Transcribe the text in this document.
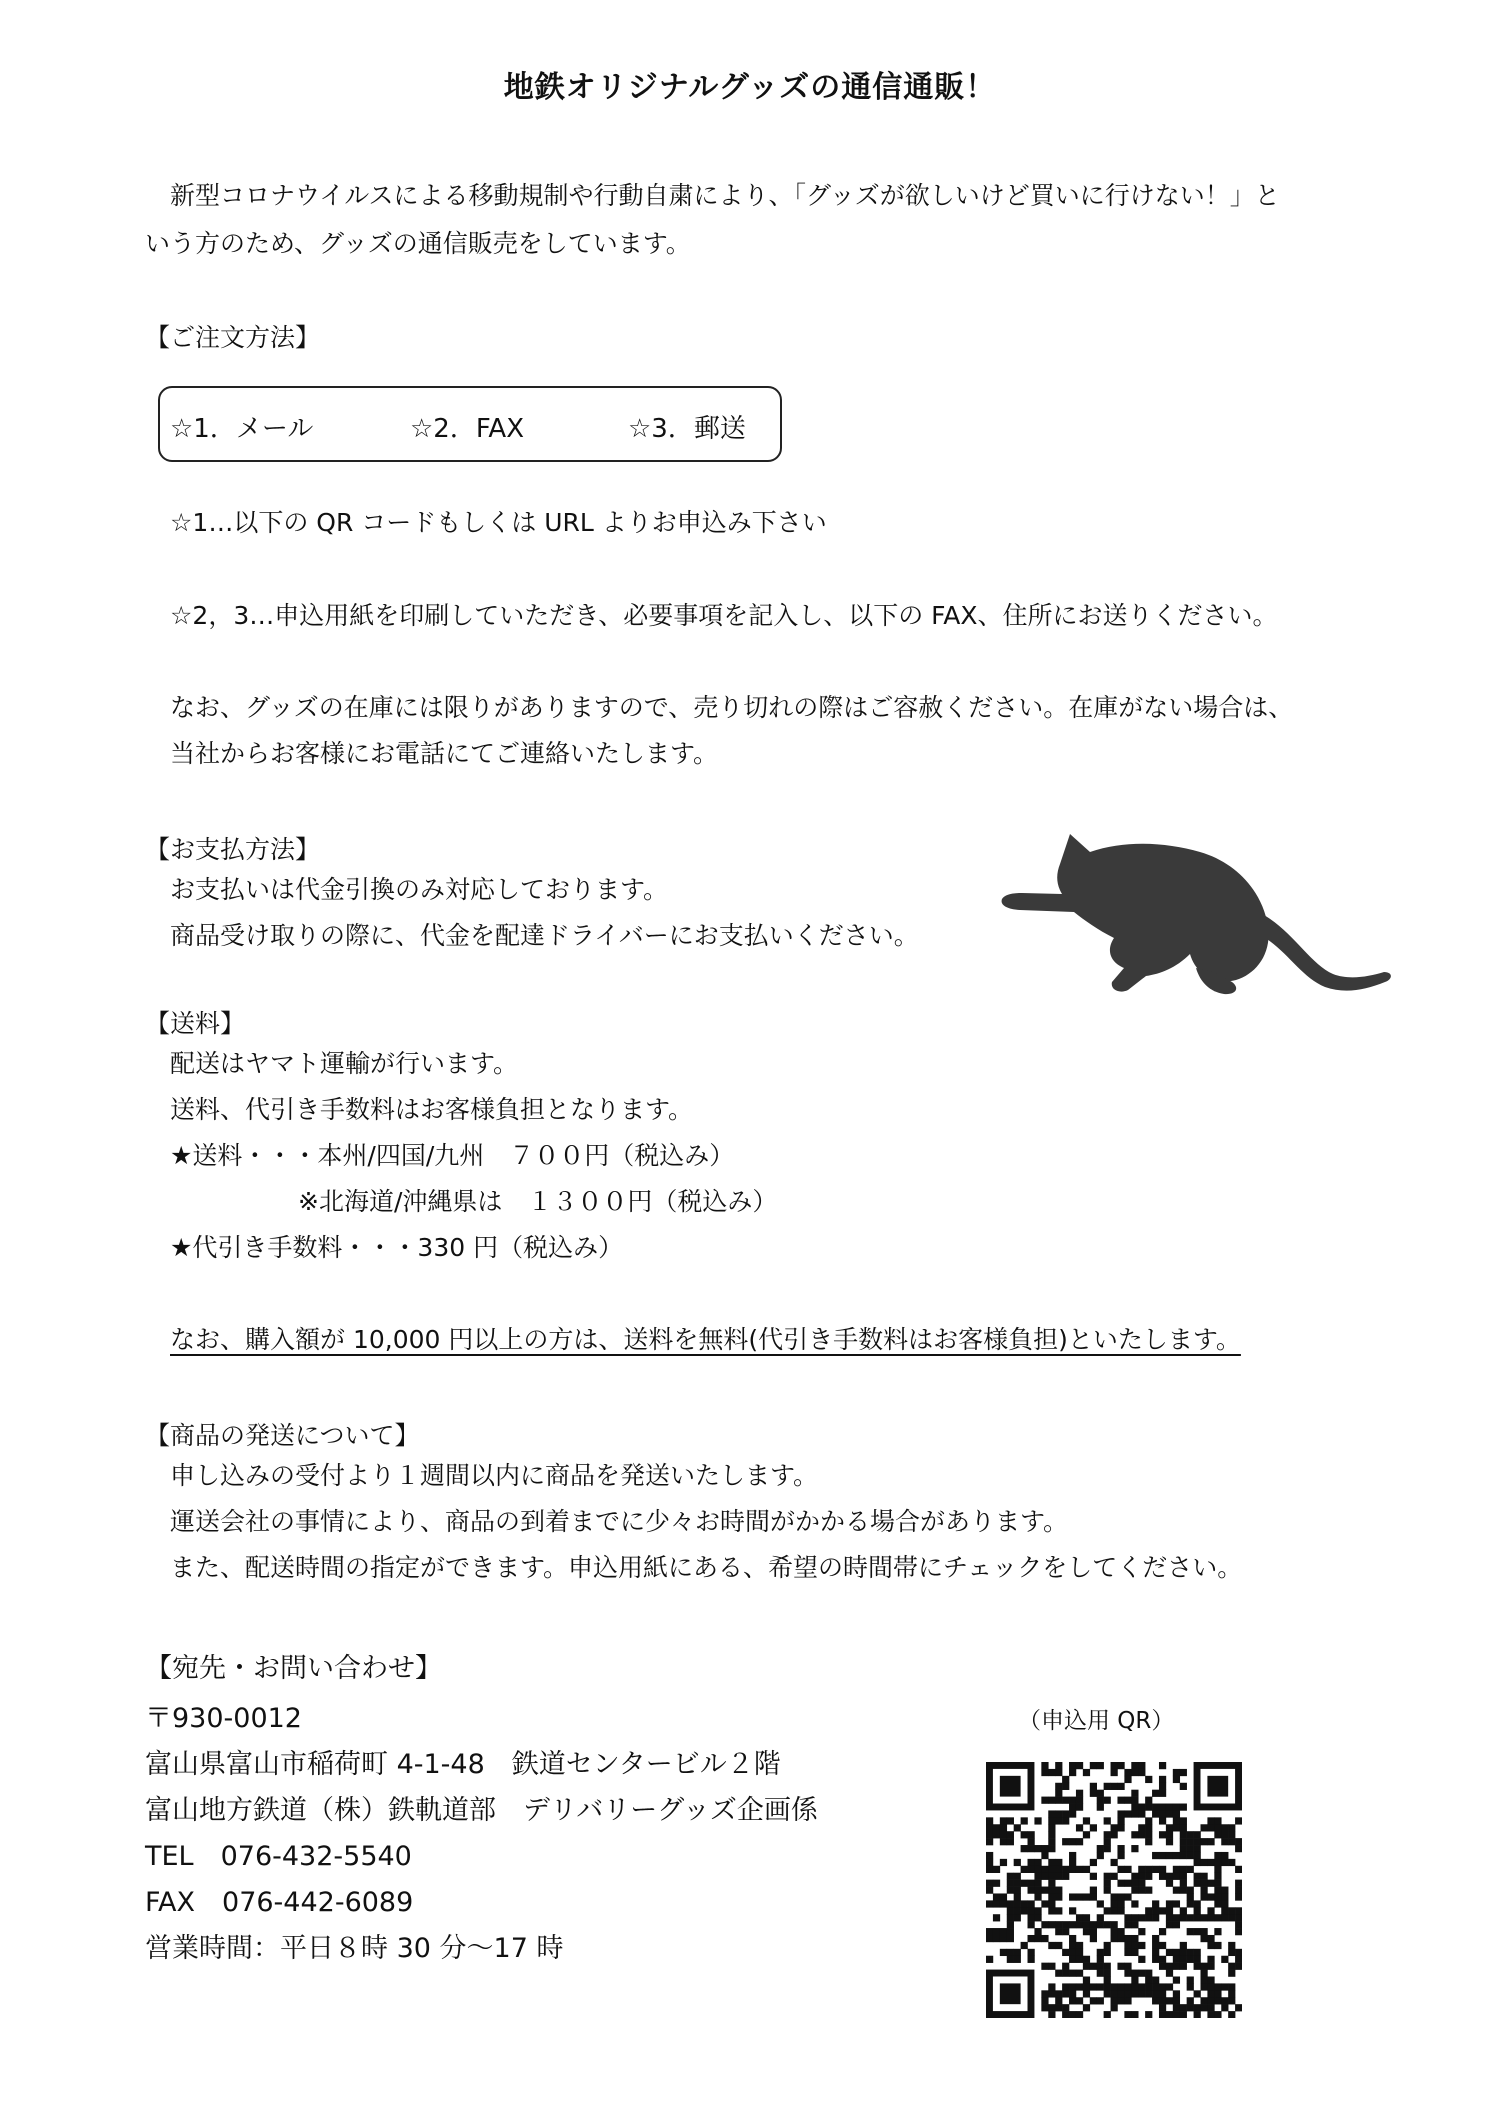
地鉄オリジナルグッズの通信通販！
新型コロナウイルスによる移動規制や行動自粛により、「グッズが欲しいけど買いに行けない！」と
いう方のため、グッズの通信販売をしています。
【ご注文方法】
☆1．メール	☆2．FAX	☆3．郵送
☆1…以下の QR コードもしくは URL よりお申込み下さい
☆2，3…申込用紙を印刷していただき、必要事項を記入し、以下の FAX、住所にお送りください。
なお、グッズの在庫には限りがありますので、売り切れの際はご容赦ください。在庫がない場合は、
当社からお客様にお電話にてご連絡いたします。
【お支払方法】
お支払いは代金引換のみ対応しております。
商品受け取りの際に、代金を配達ドライバーにお支払いください。
【送料】
配送はヤマト運輸が行います。
送料、代引き手数料はお客様負担となります。
★送料・・・本州/四国/九州　７００円（税込み）
※北海道/沖縄県は　１３００円（税込み）
★代引き手数料・・・330 円（税込み）
なお、購入額が 10,000 円以上の方は、送料を無料(代引き手数料はお客様負担)といたします。
【商品の発送について】
申し込みの受付より１週間以内に商品を発送いたします。
運送会社の事情により、商品の到着までに少々お時間がかかる場合があります。
また、配送時間の指定ができます。申込用紙にある、希望の時間帯にチェックをしてください。
【宛先・お問い合わせ】
〒930-0012
富山県富山市稲荷町 4-1-48　鉄道センタービル２階
富山地方鉄道（株）鉄軌道部　デリバリーグッズ企画係
TEL　076-432-5540
FAX　076-442-6089
営業時間：平日８時 30 分～17 時
（申込用 QR）
